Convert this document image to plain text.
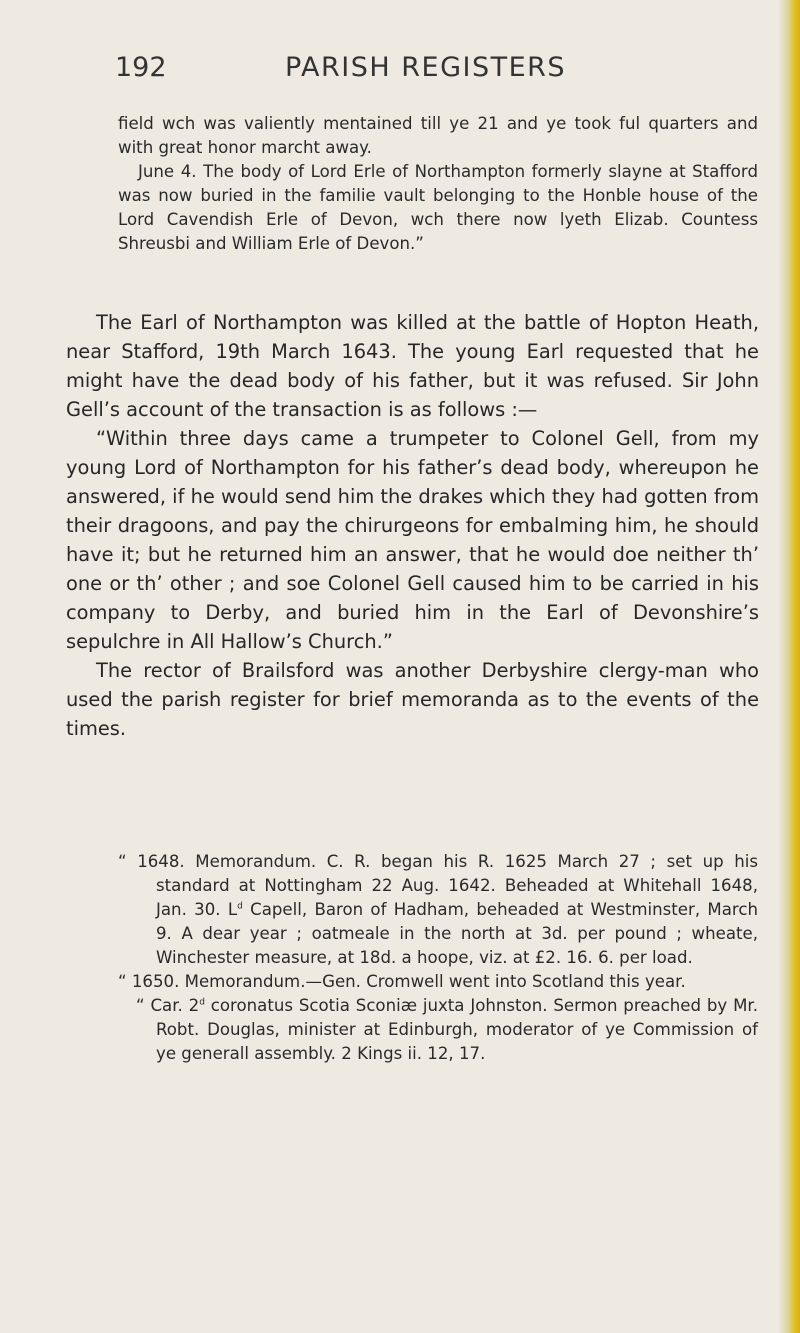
192	PARISH REGISTERS

field wch was valiently mentained till ye 21 and ye took ful quarters and with great honor marcht away.

June 4. The body of Lord Erle of Northampton formerly slayne at Stafford was now buried in the familie vault belonging to the Honble house of the Lord Cavendish Erle of Devon, wch there now lyeth Elizab. Countess Shreusbi and William Erle of Devon.”

The Earl of Northampton was killed at the battle of Hopton Heath, near Stafford, 19th March 1643. The young Earl requested that he might have the dead body of his father, but it was refused. Sir John Gell’s account of the transaction is as follows :—

“Within three days came a trumpeter to Colonel Gell, from my young Lord of Northampton for his father’s dead body, whereupon he answered, if he would send him the drakes which they had gotten from their dragoons, and pay the chirurgeons for embalming him, he should have it; but he returned him an answer, that he would doe neither th’ one or th’ other ; and soe Colonel Gell caused him to be carried in his company to Derby, and buried him in the Earl of Devonshire’s sepulchre in All Hallow’s Church.”

The rector of Brailsford was another Derbyshire clergy-man who used the parish register for brief memoranda as to the events of the times.

“ 1648. Memorandum. C. R. began his R. 1625 March 27 ; set up his standard at Nottingham 22 Aug. 1642. Beheaded at Whitehall 1648, Jan. 30. $L^d$ Capell, Baron of Hadham, beheaded at Westminster, March 9. A dear year ; oatmeale in the north at 3d. per pound ; wheate, Winchester measure, at 18d. a hoope, viz. at £2. 16. 6. per load.

“ 1650. Memorandum.—Gen. Cromwell went into Scotland this year.

“ Car. 2$^d$ coronatus Scotia Sconiæ juxta Johnston. Sermon preached by Mr. Robt. Douglas, minister at Edinburgh, moderator of ye Commission of ye generall assembly. 2 Kings ii. 12, 17.
